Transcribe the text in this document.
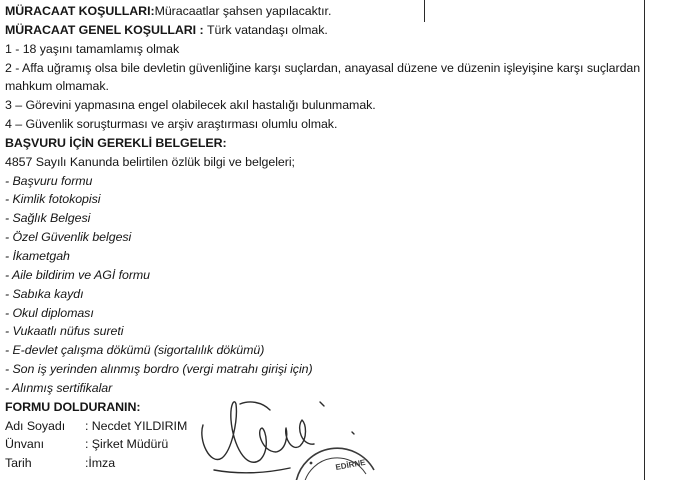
MÜRACAAT KOŞULLARI:Müracaatlar şahsen yapılacaktır.
MÜRACAAT GENEL KOŞULLARI : Türk vatandaşı olmak.
1 - 18 yaşını tamamlamış olmak
2 - Affa uğramış olsa bile devletin güvenliğine karşı suçlardan, anayasal düzene ve düzenin işleyişine karşı suçlardan mahkum olmamak.
3 – Görevini yapmasına engel olabilecek akıl hastalığı bulunmamak.
4 – Güvenlik soruşturması ve arşiv araştırması olumlu olmak.
BAŞVURU İÇİN GEREKLİ BELGELER:
4857 Sayılı Kanunda belirtilen özlük bilgi ve belgeleri;
- Başvuru formu
- Kimlik fotokopisi
- Sağlık Belgesi
- Özel Güvenlik belgesi
- İkametgah
- Aile bildirim ve AGİ formu
- Sabıka kaydı
- Okul diploması
- Vukaatlı nüfus sureti
- E-devlet çalışma dökümü (sigortalılık dökümü)
- Son iş yerinden alınmış bordro (vergi matrahı girişi için)
- Alınmış sertifikalar
FORMU DOLDURANIN:
Adı Soyadı	: Necdet YILDIRIM
Ünvanı	: Şirket Müdürü
Tarih	:İmza	EDİRNE
